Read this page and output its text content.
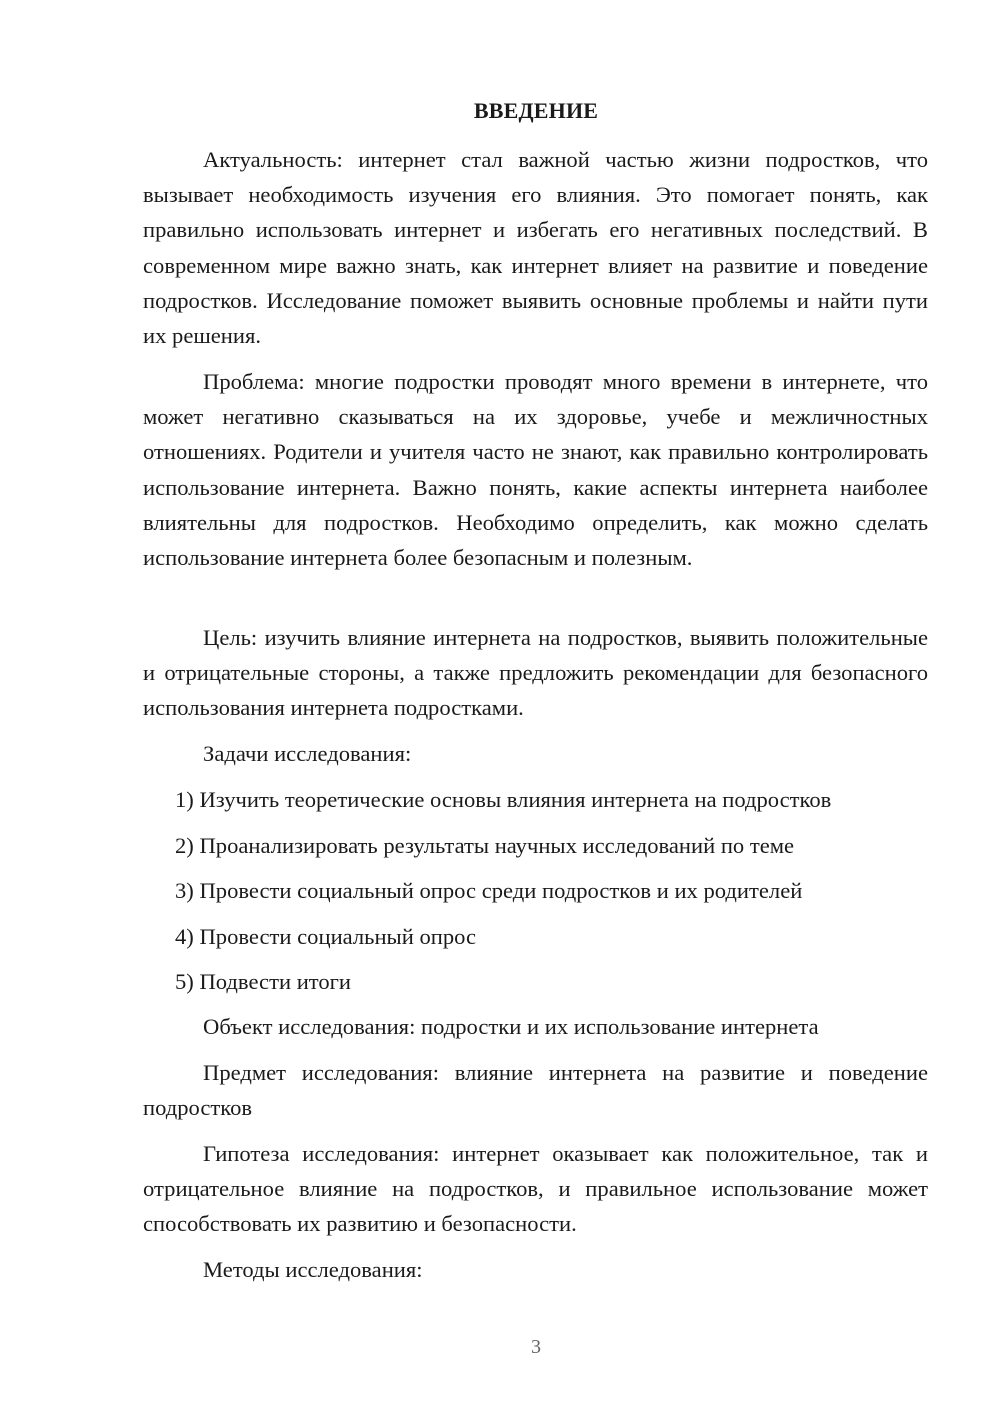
ВВЕДЕНИЕ

Актуальность: интернет стал важной частью жизни подростков, что вызывает необходимость изучения его влияния. Это помогает понять, как правильно использовать интернет и избегать его негативных последствий. В современном мире важно знать, как интернет влияет на развитие и поведение подростков. Исследование поможет выявить основные проблемы и найти пути их решения.

Проблема: многие подростки проводят много времени в интернете, что может негативно сказываться на их здоровье, учебе и межличностных отношениях. Родители и учителя часто не знают, как правильно контролировать использование интернета. Важно понять, какие аспекты интернета наиболее влиятельны для подростков. Необходимо определить, как можно сделать использование интернета более безопасным и полезным.

Цель: изучить влияние интернета на подростков, выявить положительные и отрицательные стороны, а также предложить рекомендации для безопасного использования интернета подростками.

Задачи исследования:

1) Изучить теоретические основы влияния интернета на подростков

2) Проанализировать результаты научных исследований по теме

3) Провести социальный опрос среди подростков и их родителей

4) Провести социальный опрос

5) Подвести итоги

Объект исследования: подростки и их использование интернета

Предмет исследования: влияние интернета на развитие и поведение подростков

Гипотеза исследования: интернет оказывает как положительное, так и отрицательное влияние на подростков, и правильное использование может способствовать их развитию и безопасности.

Методы исследования:

3
